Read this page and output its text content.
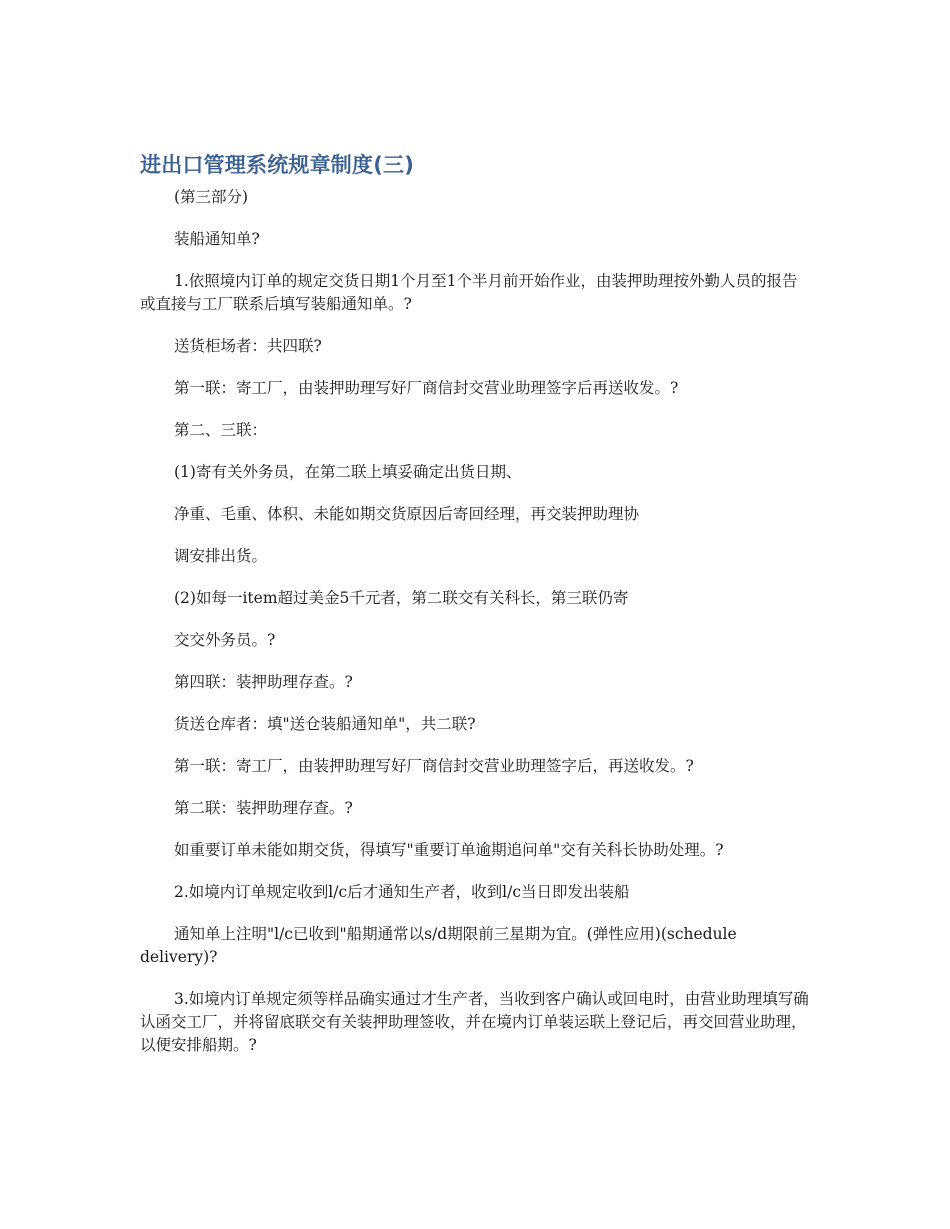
进出口管理系统规章制度(三)

(第三部分)

装船通知单?

1.依照境内订单的规定交货日期1个月至1个半月前开始作业，由装押助理按外勤人员的报告或直接与工厂联系后填写装船通知单。?

送货柜场者：共四联?

第一联：寄工厂，由装押助理写好厂商信封交营业助理签字后再送收发。?

第二、三联：

(1)寄有关外务员，在第二联上填妥确定出货日期、

净重、毛重、体积、未能如期交货原因后寄回经理，再交装押助理协

调安排出货。

(2)如每一item超过美金5千元者，第二联交有关科长，第三联仍寄

交交外务员。?

第四联：装押助理存查。?

货送仓库者：填"送仓装船通知单"，共二联?

第一联：寄工厂，由装押助理写好厂商信封交营业助理签字后，再送收发。?

第二联：装押助理存查。?

如重要订单未能如期交货，得填写"重要订单逾期追问单"交有关科长协助处理。?

2.如境内订单规定收到l/c后才通知生产者，收到l/c当日即发出装船

通知单上注明"l/c已收到"船期通常以s/d期限前三星期为宜。(弹性应用)(schedule delivery)?

3.如境内订单规定须等样品确实通过才生产者，当收到客户确认或回电时，由营业助理填写确认函交工厂，并将留底联交有关装押助理签收，并在境内订单装运联上登记后，再交回营业助理，以便安排船期。?
